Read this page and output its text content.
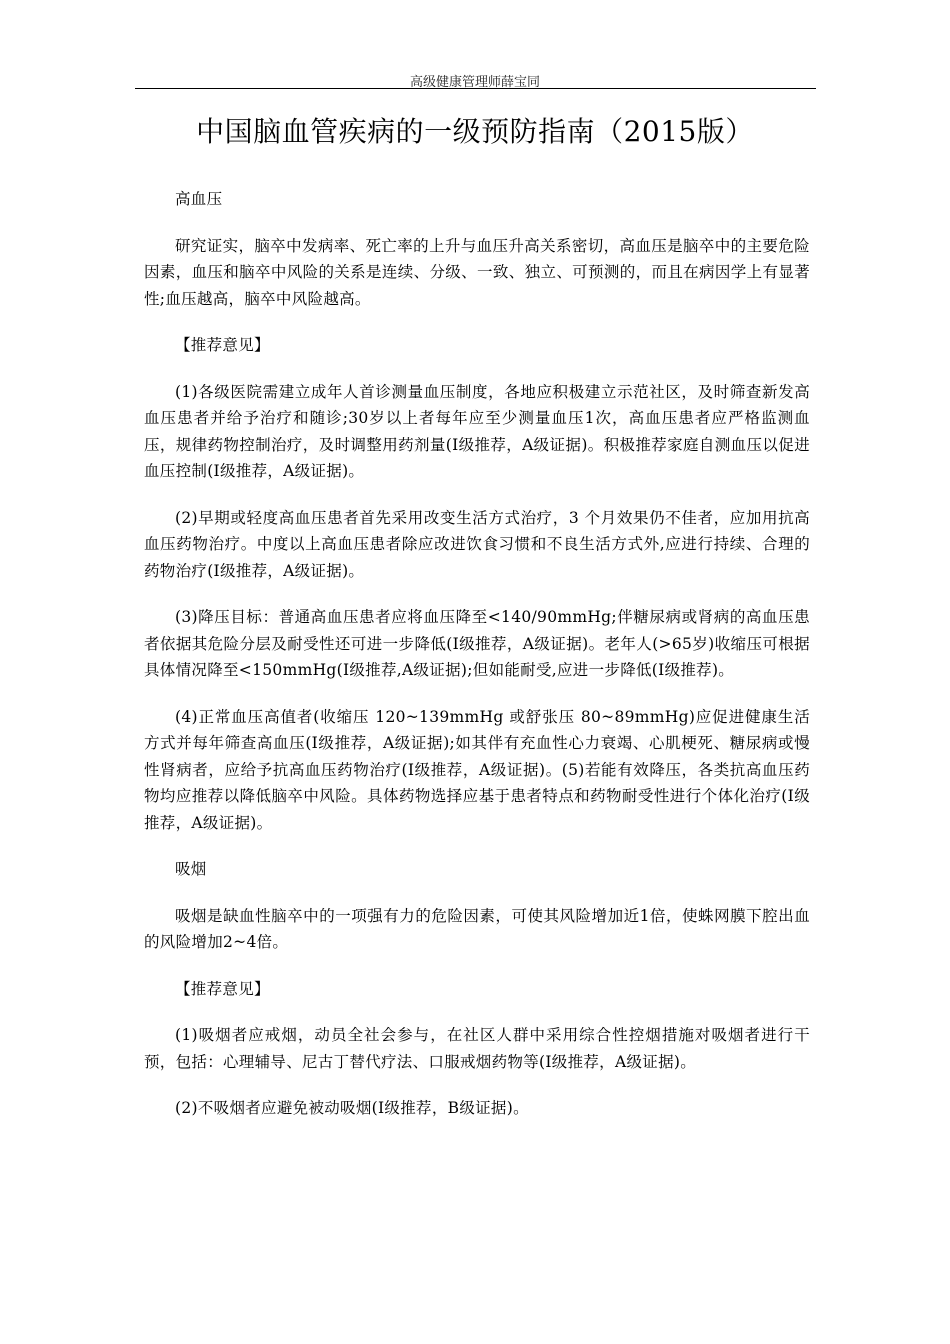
高级健康管理师薛宝同
中国脑血管疾病的一级预防指南（2015版）

高血压

研究证实，脑卒中发病率、死亡率的上升与血压升高关系密切，高血压是脑卒中的主要危险因素，血压和脑卒中风险的关系是连续、分级、一致、独立、可预测的，而且在病因学上有显著性;血压越高，脑卒中风险越高。

【推荐意见】

(1)各级医院需建立成年人首诊测量血压制度，各地应积极建立示范社区，及时筛查新发高血压患者并给予治疗和随诊;30岁以上者每年应至少测量血压1次，高血压患者应严格监测血压，规律药物控制治疗，及时调整用药剂量(I级推荐，A级证据)。积极推荐家庭自测血压以促进血压控制(I级推荐，A级证据)。

(2)早期或轻度高血压患者首先采用改变生活方式治疗，3 个月效果仍不佳者，应加用抗高血压药物治疗。中度以上高血压患者除应改进饮食习惯和不良生活方式外,应进行持续、合理的药物治疗(I级推荐，A级证据)。

(3)降压目标：普通高血压患者应将血压降至<140/90mmHg;伴糖尿病或肾病的高血压患者依据其危险分层及耐受性还可进一步降低(I级推荐，A级证据)。老年人(>65岁)收缩压可根据具体情况降至<150mmHg(I级推荐,A级证据);但如能耐受,应进一步降低(I级推荐)。

(4)正常血压高值者(收缩压 120~139mmHg 或舒张压 80~89mmHg)应促进健康生活方式并每年筛查高血压(I级推荐，A级证据);如其伴有充血性心力衰竭、心肌梗死、糖尿病或慢性肾病者，应给予抗高血压药物治疗(I级推荐，A级证据)。(5)若能有效降压，各类抗高血压药物均应推荐以降低脑卒中风险。具体药物选择应基于患者特点和药物耐受性进行个体化治疗(I级推荐，A级证据)。

吸烟

吸烟是缺血性脑卒中的一项强有力的危险因素，可使其风险增加近1倍，使蛛网膜下腔出血的风险增加2~4倍。

【推荐意见】

(1)吸烟者应戒烟，动员全社会参与，在社区人群中采用综合性控烟措施对吸烟者进行干预，包括：心理辅导、尼古丁替代疗法、口服戒烟药物等(I级推荐，A级证据)。

(2)不吸烟者应避免被动吸烟(I级推荐，B级证据)。
